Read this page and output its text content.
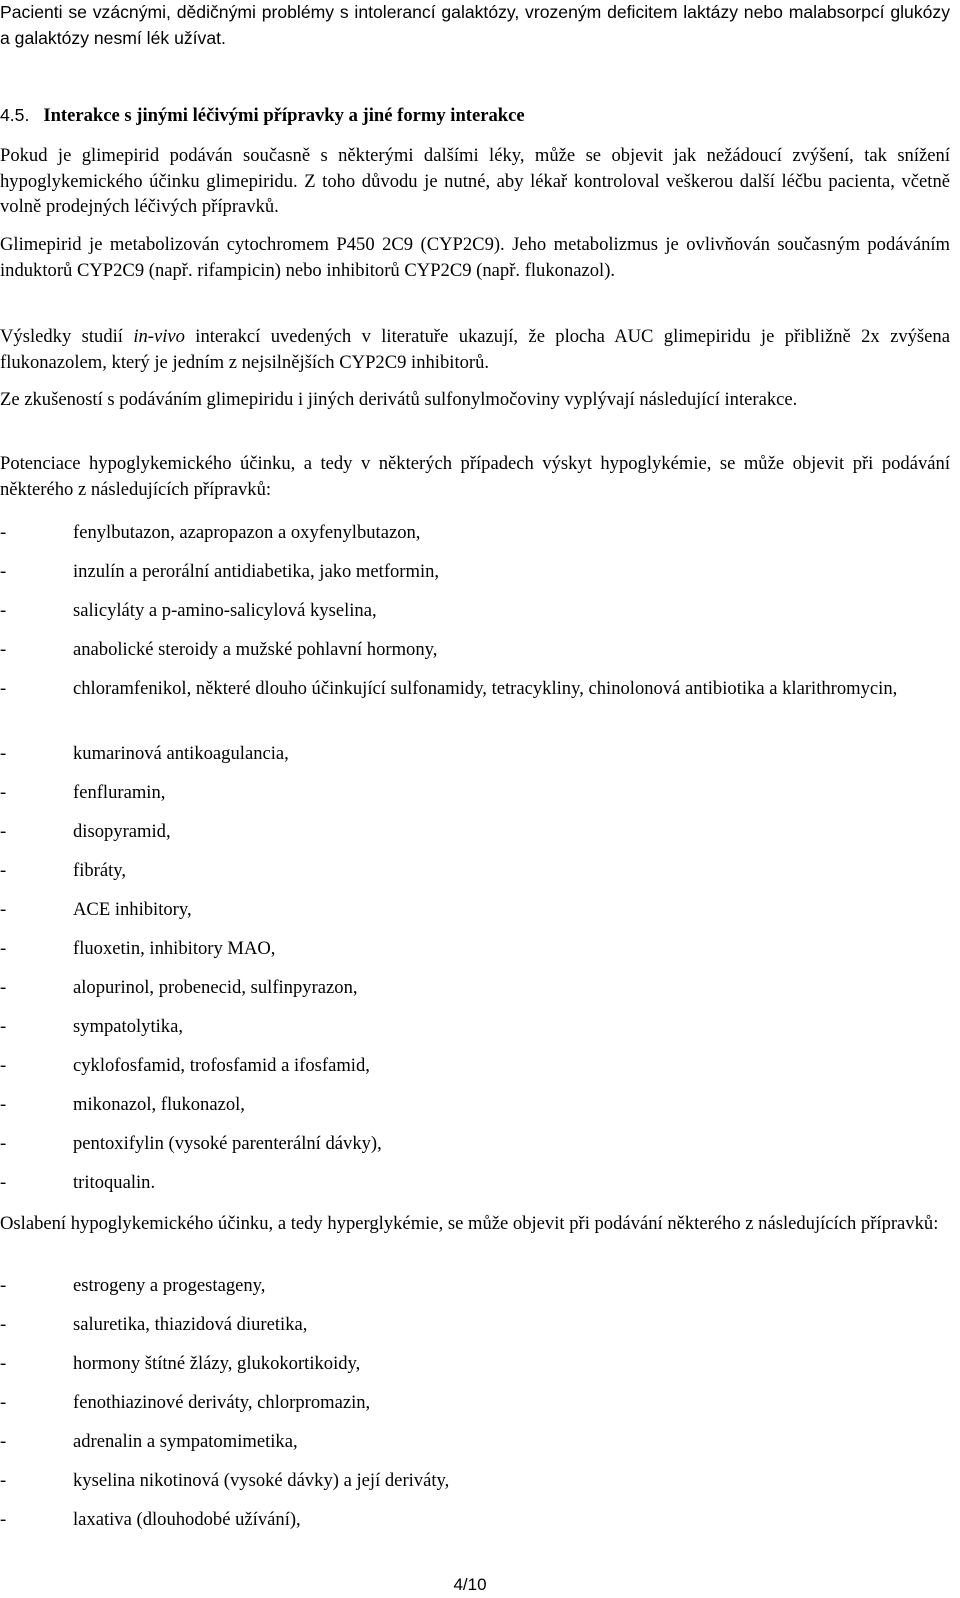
Pacienti se vzácnými, dědičnými problémy s intolerancí galaktózy, vrozeným deficitem laktázy nebo malabsorpcí glukózy a galaktózy nesmí lék užívat.

4.5. Interakce s jinými léčivými přípravky a jiné formy interakce

Pokud je glimepirid podáván současně s některými dalšími léky, může se objevit jak nežádoucí zvýšení, tak snížení hypoglykemického účinku glimepiridu. Z toho důvodu je nutné, aby lékař kontroloval veškerou další léčbu pacienta, včetně volně prodejných léčivých přípravků.

Glimepirid je metabolizován cytochromem P450 2C9 (CYP2C9). Jeho metabolizmus je ovlivňován současným podáváním induktorů CYP2C9 (např. rifampicin) nebo inhibitorů CYP2C9 (např. flukonazol).

Výsledky studií in-vivo interakcí uvedených v literatuře ukazují, že plocha AUC glimepiridu je přibližně 2x zvýšena flukonazolem, který je jedním z nejsilnějších CYP2C9 inhibitorů.

Ze zkušeností s podáváním glimepiridu i jiných derivátů sulfonylmočoviny vyplývají následující interakce.

Potenciace hypoglykemického účinku, a tedy v některých případech výskyt hypoglykémie, se může objevit při podávání některého z následujících přípravků:

-	fenylbutazon, azapropazon a oxyfenylbutazon,
-	inzulín a perorální antidiabetika, jako metformin,
-	salicyláty a p-amino-salicylová kyselina,
-	anabolické steroidy a mužské pohlavní hormony,
-	chloramfenikol, některé dlouho účinkující sulfonamidy, tetracykliny, chinolonová antibiotika a klarithromycin,
-	kumarinová antikoagulancia,
-	fenfluramin,
-	disopyramid,
-	fibráty,
-	ACE inhibitory,
-	fluoxetin, inhibitory MAO,
-	alopurinol, probenecid, sulfinpyrazon,
-	sympatolytika,
-	cyklofosfamid, trofosfamid a ifosfamid,
-	mikonazol, flukonazol,
-	pentoxifylin (vysoké parenterální dávky),
-	tritoqualin.

Oslabení hypoglykemického účinku, a tedy hyperglykémie, se může objevit při podávání některého z následujících přípravků:

-	estrogeny a progestageny,
-	saluretika, thiazidová diuretika,
-	hormony štítné žlázy, glukokortikoidy,
-	fenothiazinové deriváty, chlorpromazin,
-	adrenalin a sympatomimetika,
-	kyselina nikotinová (vysoké dávky) a její deriváty,
-	laxativa (dlouhodobé užívání),
4/10
